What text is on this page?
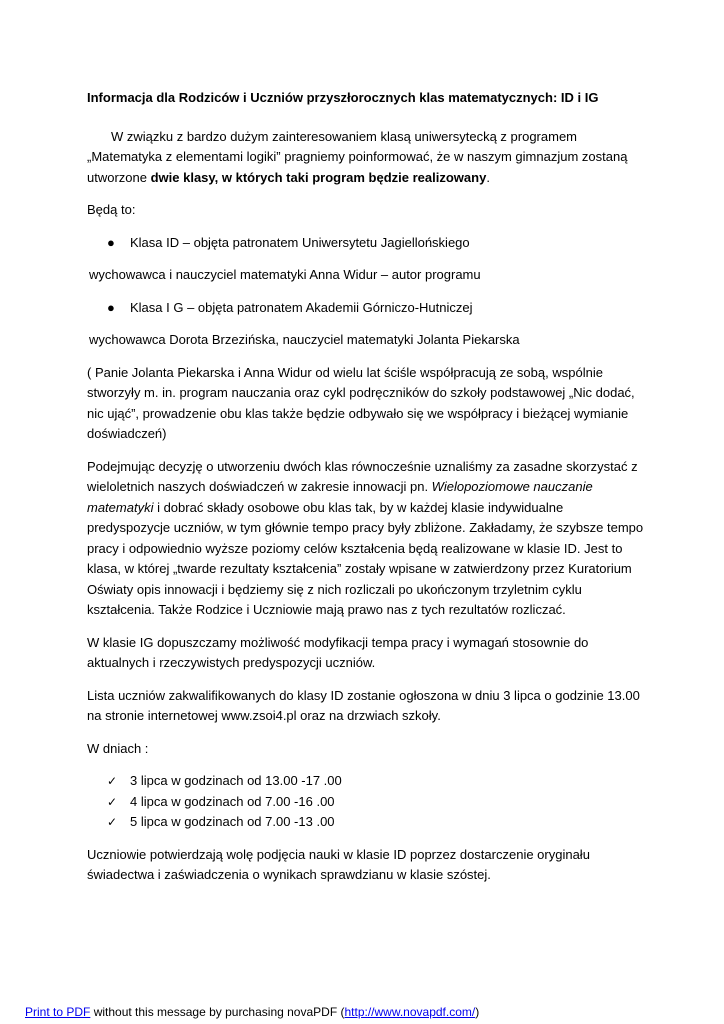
Informacja dla Rodziców i Uczniów przyszłorocznych klas matematycznych: ID i IG

W związku z bardzo dużym zainteresowaniem klasą uniwersytecką z programem „Matematyka z elementami logiki” pragniemy poinformować, że w naszym gimnazjum zostaną utworzone dwie klasy, w których taki program będzie realizowany.

Będą to:

●	Klasa ID – objęta patronatem Uniwersytetu Jagiellońskiego

wychowawca i nauczyciel matematyki Anna Widur – autor programu

●	Klasa I G – objęta patronatem Akademii Górniczo-Hutniczej

wychowawca Dorota Brzezińska, nauczyciel matematyki Jolanta Piekarska

( Panie Jolanta Piekarska i Anna Widur od wielu lat ściśle współpracują ze sobą, wspólnie stworzyły m. in. program nauczania oraz cykl podręczników do szkoły podstawowej „Nic dodać, nic ująć”, prowadzenie obu klas także będzie odbywało się we współpracy i bieżącej wymianie doświadczeń)

Podejmując decyzję o utworzeniu dwóch klas równocześnie uznaliśmy za zasadne skorzystać z wieloletnich naszych doświadczeń w zakresie innowacji pn. Wielopoziomowe nauczanie matematyki i dobrać składy osobowe obu klas tak, by w każdej klasie indywidualne predyspozycje uczniów, w tym głównie tempo pracy były zbliżone. Zakładamy, że szybsze tempo pracy i odpowiednio wyższe poziomy celów kształcenia będą realizowane w klasie ID. Jest to klasa, w której „twarde rezultaty kształcenia” zostały wpisane w zatwierdzony przez Kuratorium Oświaty opis innowacji i będziemy się z nich rozliczali po ukończonym trzyletnim cyklu kształcenia. Także Rodzice i Uczniowie mają prawo nas z tych rezultatów rozliczać.

W klasie IG dopuszczamy możliwość modyfikacji tempa pracy i wymagań stosownie do aktualnych i rzeczywistych predyspozycji uczniów.

Lista uczniów zakwalifikowanych do klasy ID zostanie ogłoszona w dniu 3 lipca o godzinie 13.00 na stronie internetowej www.zsoi4.pl oraz na drzwiach szkoły.

W dniach :

✓ 3 lipca w godzinach od 13.00 -17 .00
✓ 4 lipca w godzinach od 7.00 -16 .00
✓ 5 lipca w godzinach od 7.00 -13 .00

Uczniowie potwierdzają wolę podjęcia nauki w klasie ID poprzez dostarczenie oryginału świadectwa i zaświadczenia o wynikach sprawdzianu w klasie szóstej.

Print to PDF without this message by purchasing novaPDF (http://www.novapdf.com/)
